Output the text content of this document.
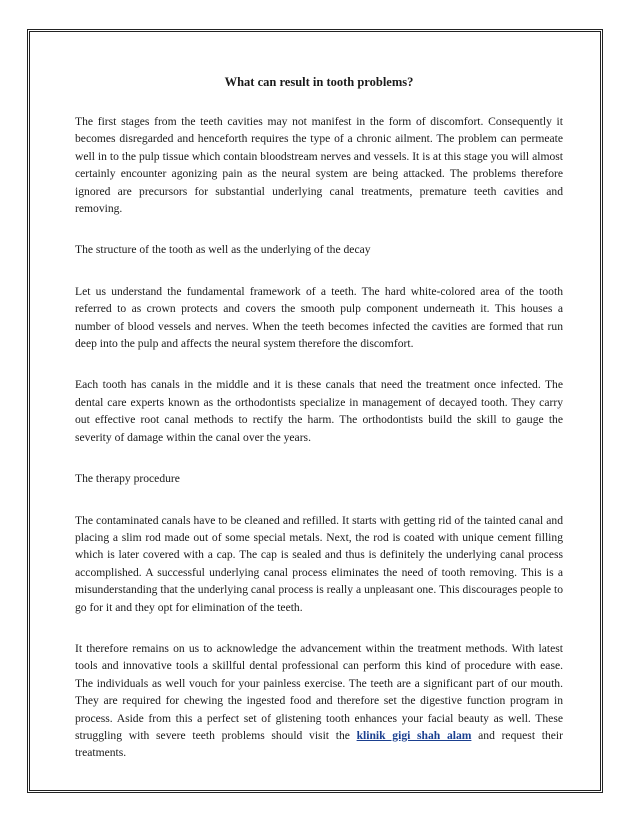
What can result in tooth problems?

The first stages from the teeth cavities may not manifest in the form of discomfort. Consequently it becomes disregarded and henceforth requires the type of a chronic ailment. The problem can permeate well in to the pulp tissue which contain bloodstream nerves and vessels. It is at this stage you will almost certainly encounter agonizing pain as the neural system are being attacked. The problems therefore ignored are precursors for substantial underlying canal treatments, premature teeth cavities and removing.

The structure of the tooth as well as the underlying of the decay

Let us understand the fundamental framework of a teeth. The hard white-colored area of the tooth referred to as crown protects and covers the smooth pulp component underneath it. This houses a number of blood vessels and nerves. When the teeth becomes infected the cavities are formed that run deep into the pulp and affects the neural system therefore the discomfort.

Each tooth has canals in the middle and it is these canals that need the treatment once infected. The dental care experts known as the orthodontists specialize in management of decayed tooth. They carry out effective root canal methods to rectify the harm. The orthodontists build the skill to gauge the severity of damage within the canal over the years.

The therapy procedure

The contaminated canals have to be cleaned and refilled. It starts with getting rid of the tainted canal and placing a slim rod made out of some special metals. Next, the rod is coated with unique cement filling which is later covered with a cap. The cap is sealed and thus is definitely the underlying canal process accomplished. A successful underlying canal process eliminates the need of tooth removing. This is a misunderstanding that the underlying canal process is really a unpleasant one. This discourages people to go for it and they opt for elimination of the teeth.

It therefore remains on us to acknowledge the advancement within the treatment methods. With latest tools and innovative tools a skillful dental professional can perform this kind of procedure with ease. The individuals as well vouch for your painless exercise. The teeth are a significant part of our mouth. They are required for chewing the ingested food and therefore set the digestive function program in process. Aside from this a perfect set of glistening tooth enhances your facial beauty as well. These struggling with severe teeth problems should visit the klinik gigi shah alam and request their treatments.
